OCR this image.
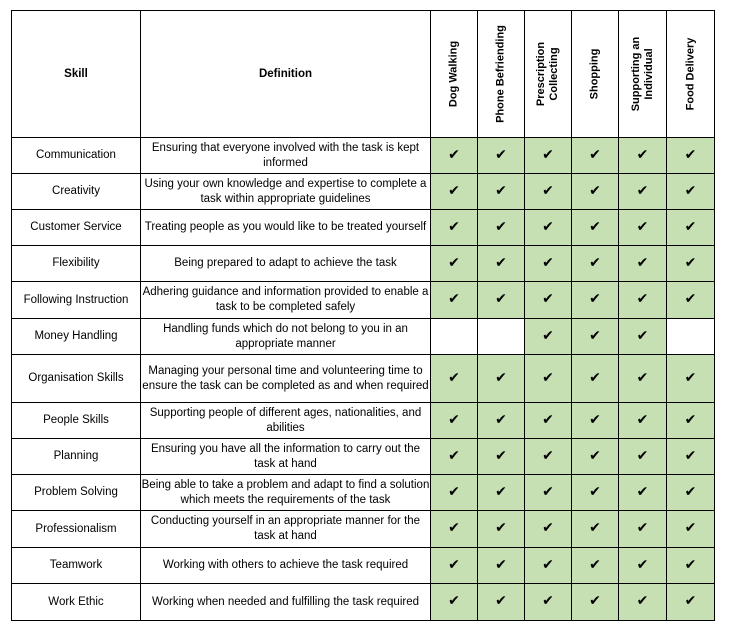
Skill	Definition	Dog Walking	Phone Befriending	Prescription Collecting	Shopping	Supporting an Individual	Food Delivery

Communication	Ensuring that everyone involved with the task is kept informed	✔	✔	✔	✔	✔	✔
Creativity	Using your own knowledge and expertise to complete a task within appropriate guidelines	✔	✔	✔	✔	✔	✔
Customer Service	Treating people as you would like to be treated yourself	✔	✔	✔	✔	✔	✔
Flexibility	Being prepared to adapt to achieve the task	✔	✔	✔	✔	✔	✔
Following Instruction	Adhering guidance and information provided to enable a task to be completed safely	✔	✔	✔	✔	✔	✔
Money Handling	Handling funds which do not belong to you in an appropriate manner			✔	✔	✔	
Organisation Skills	Managing your personal time and volunteering time to ensure the task can be completed as and when required	✔	✔	✔	✔	✔	✔
People Skills	Supporting people of different ages, nationalities, and abilities	✔	✔	✔	✔	✔	✔
Planning	Ensuring you have all the information to carry out the task at hand	✔	✔	✔	✔	✔	✔
Problem Solving	Being able to take a problem and adapt to find a solution which meets the requirements of the task	✔	✔	✔	✔	✔	✔
Professionalism	Conducting yourself in an appropriate manner for the task at hand	✔	✔	✔	✔	✔	✔
Teamwork	Working with others to achieve the task required	✔	✔	✔	✔	✔	✔
Work Ethic	Working when needed and fulfilling the task required	✔	✔	✔	✔	✔	✔
